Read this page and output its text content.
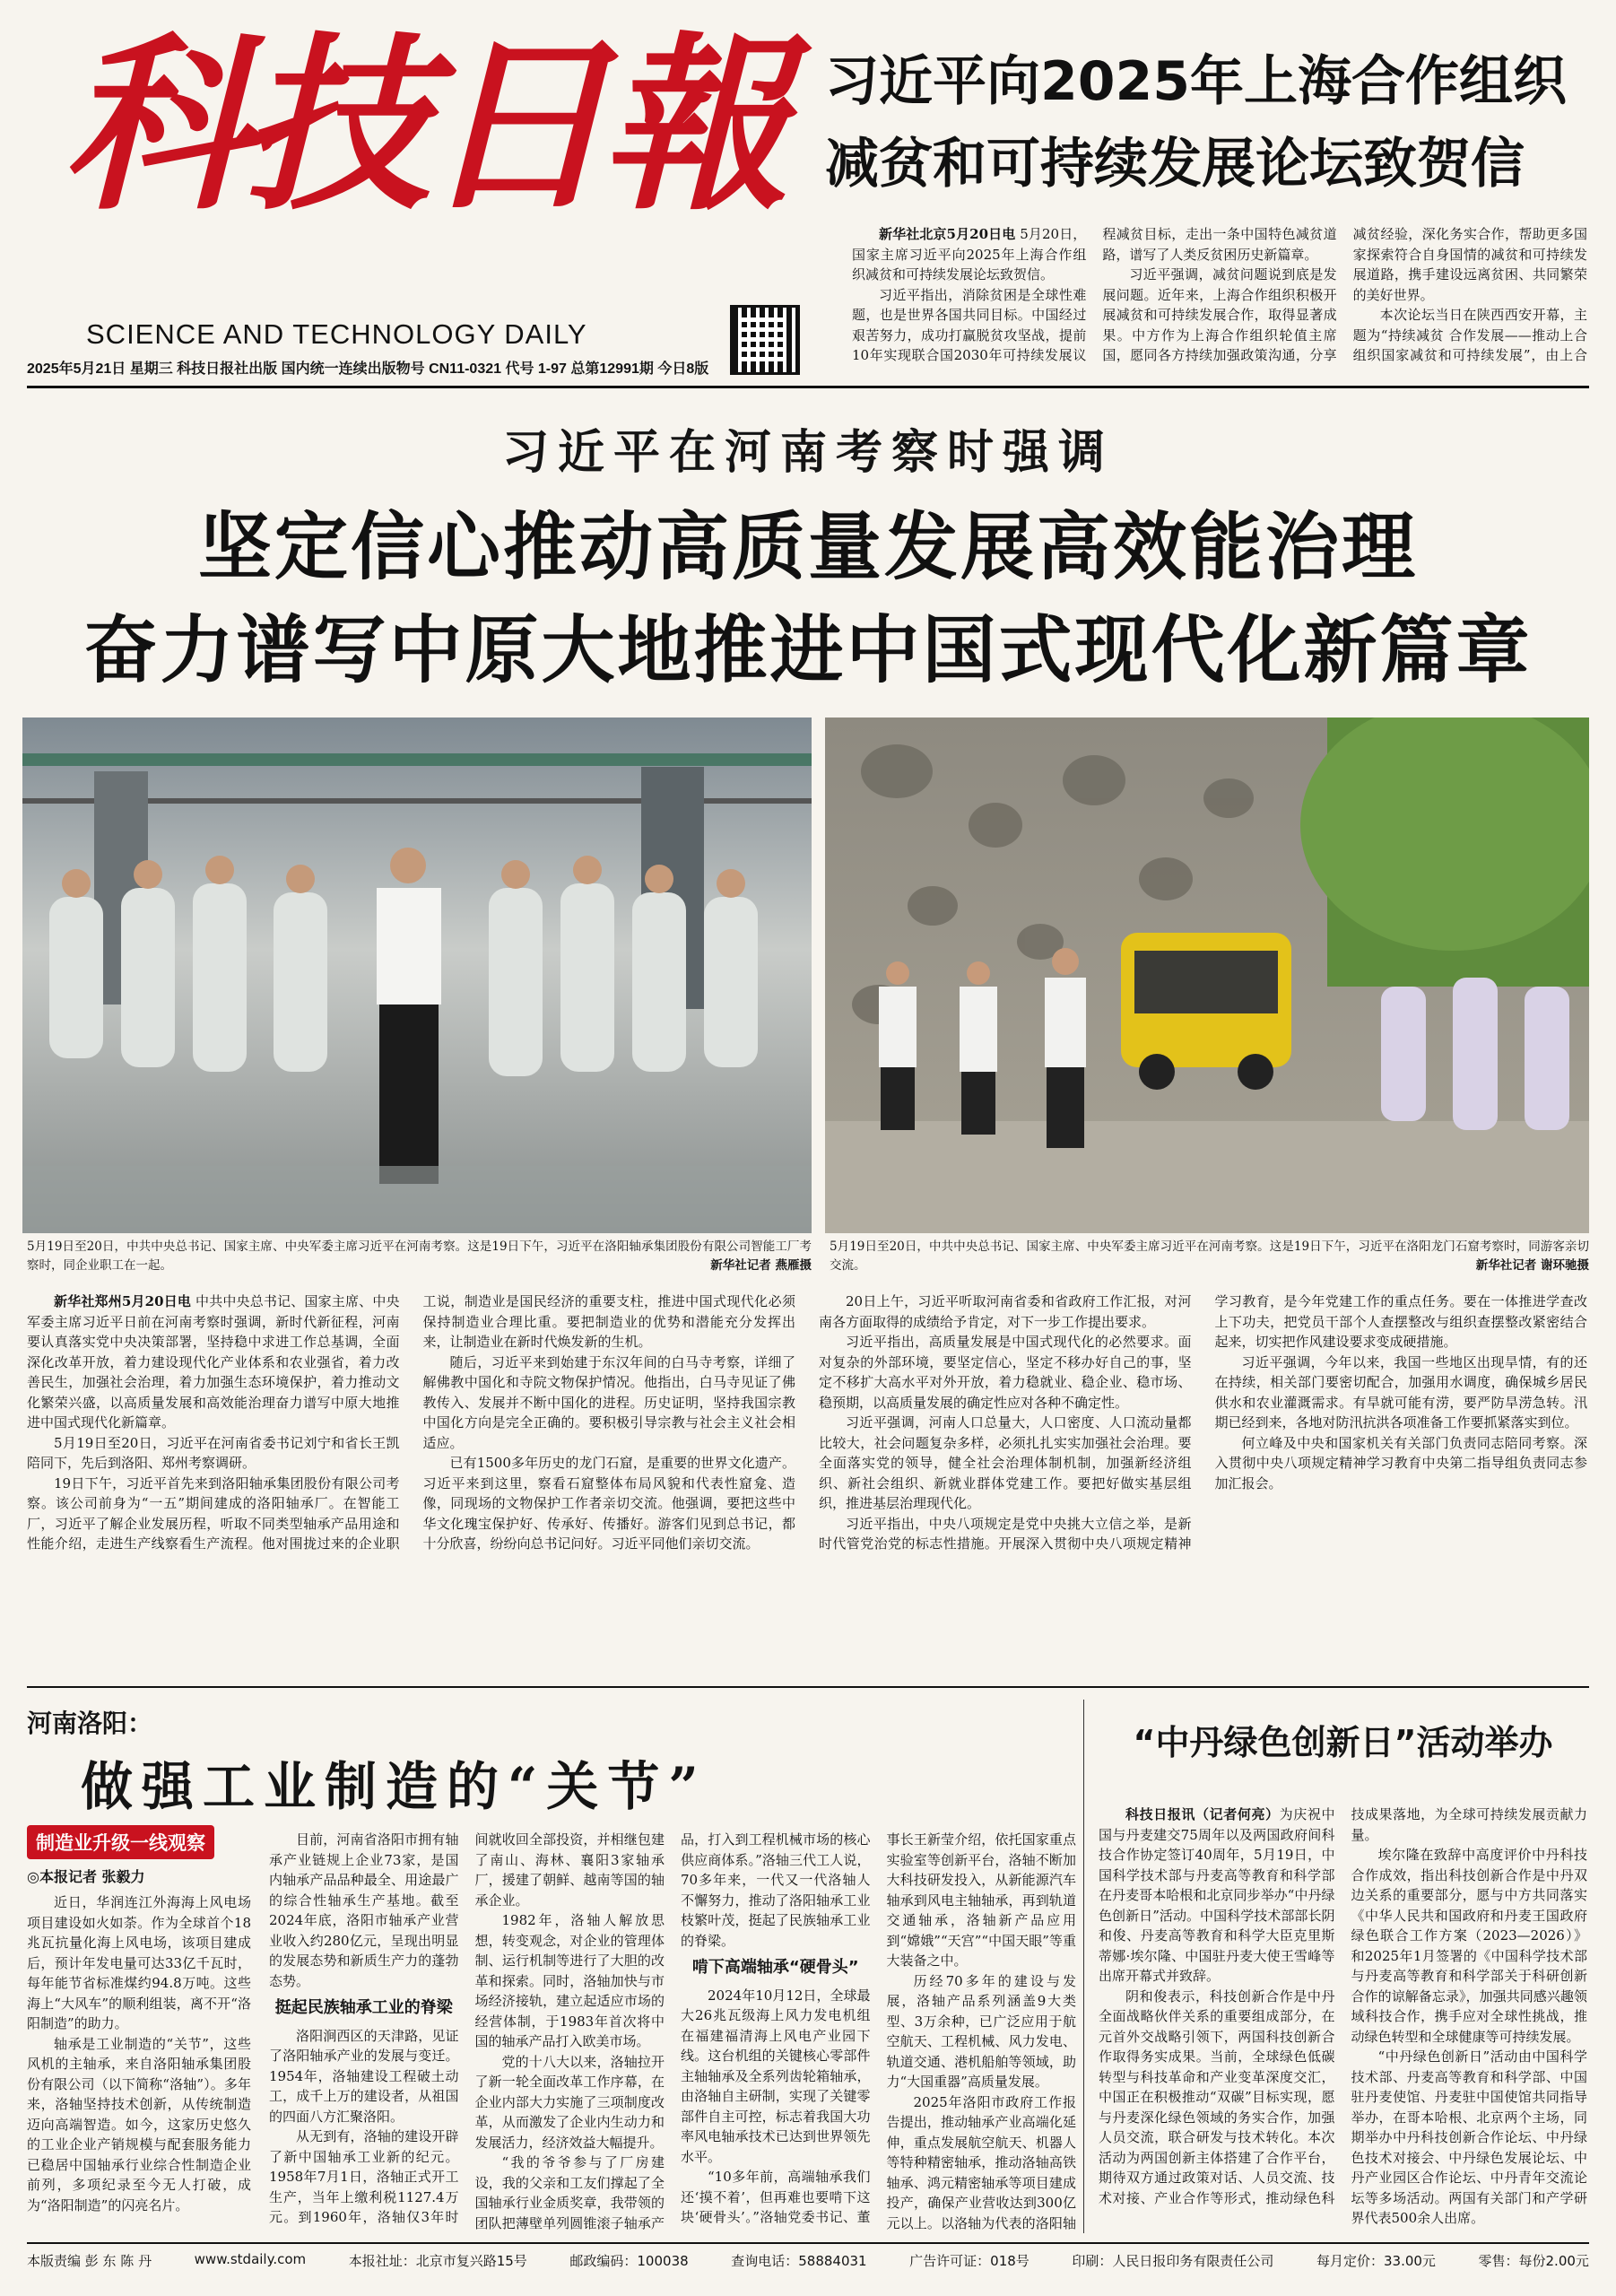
科技日報
SCIENCE AND TECHNOLOGY DAILY
2025年5月21日 星期三 科技日报社出版 国内统一连续出版物号 CN11-0321 代号 1-97 总第12991期 今日8版
习近平向2025年上海合作组织
减贫和可持续发展论坛致贺信

新华社北京5月20日电 5月20日，国家主席习近平向2025年上海合作组织减贫和可持续发展论坛致贺信。

习近平指出，消除贫困是全球性难题，也是世界各国共同目标。中国经过艰苦努力，成功打赢脱贫攻坚战，提前10年实现联合国2030年可持续发展议程减贫目标，走出一条中国特色减贫道路，谱写了人类反贫困历史新篇章。

习近平强调，减贫问题说到底是发展问题。近年来，上海合作组织积极开展减贫和可持续发展合作，取得显著成果。中方作为上海合作组织轮值主席国，愿同各方持续加强政策沟通，分享减贫经验，深化务实合作，帮助更多国家探索符合自身国情的减贫和可持续发展道路，携手建设远离贫困、共同繁荣的美好世界。

本次论坛当日在陕西西安开幕，主题为“持续减贫 合作发展——推动上合组织国家减贫和可持续发展”，由上合

习近平在河南考察时强调
坚定信心推动高质量发展高效能治理
奋力谱写中原大地推进中国式现代化新篇章
5月19日至20日，中共中央总书记、国家主席、中央军委主席习近平在河南考察。这是19日下午，习近平在洛阳轴承集团股份有限公司智能工厂考察时，同企业职工在一起。	新华社记者 燕雁摄
5月19日至20日，中共中央总书记、国家主席、中央军委主席习近平在河南考察。这是19日下午，习近平在洛阳龙门石窟考察时，同游客亲切交流。	新华社记者 谢环驰摄

新华社郑州5月20日电 中共中央总书记、国家主席、中央军委主席习近平日前在河南考察时强调，新时代新征程，河南要认真落实党中央决策部署，坚持稳中求进工作总基调，全面深化改革开放，着力建设现代化产业体系和农业强省，着力改善民生，加强社会治理，着力加强生态环境保护，着力推动文化繁荣兴盛，以高质量发展和高效能治理奋力谱写中原大地推进中国式现代化新篇章。

5月19日至20日，习近平在河南省委书记刘宁和省长王凯陪同下，先后到洛阳、郑州考察调研。

19日下午，习近平首先来到洛阳轴承集团股份有限公司考察。该公司前身为“一五”期间建成的洛阳轴承厂。在智能工厂，习近平了解企业发展历程，听取不同类型轴承产品用途和性能介绍，走进生产线察看生产流程。他对围拢过来的企业职工说，制造业是国民经济的重要支柱，推进中国式现代化必须保持制造业合理比重。要把制造业的优势和潜能充分发挥出来，让制造业在新时代焕发新的生机。

随后，习近平来到始建于东汉年间的白马寺考察，详细了解佛教中国化和寺院文物保护情况。他指出，白马寺见证了佛教传入、发展并不断中国化的进程。历史证明，坚持我国宗教中国化方向是完全正确的。要积极引导宗教与社会主义社会相适应。

已有1500多年历史的龙门石窟，是重要的世界文化遗产。习近平来到这里，察看石窟整体布局风貌和代表性窟龛、造像，同现场的文物保护工作者亲切交流。他强调，要把这些中华文化瑰宝保护好、传承好、传播好。游客们见到总书记，都十分欣喜，纷纷向总书记问好。习近平同他们亲切交流。

20日上午，习近平听取河南省委和省政府工作汇报，对河南各方面取得的成绩给予肯定，对下一步工作提出要求。

习近平指出，高质量发展是中国式现代化的必然要求。面对复杂的外部环境，要坚定信心，坚定不移办好自己的事，坚定不移扩大高水平对外开放，着力稳就业、稳企业、稳市场、稳预期，以高质量发展的确定性应对各种不确定性。

习近平强调，河南人口总量大，人口密度、人口流动量都比较大，社会问题复杂多样，必须扎扎实实加强社会治理。要全面落实党的领导，健全社会治理体制机制，加强新经济组织、新社会组织、新就业群体党建工作。要把好做实基层组织，推进基层治理现代化。

习近平指出，中央八项规定是党中央挑大立信之举，是新时代管党治党的标志性措施。开展深入贯彻中央八项规定精神学习教育，是今年党建工作的重点任务。要在一体推进学查改上下功夫，把党员干部个人查摆整改与组织查摆整改紧密结合起来，切实把作风建设要求变成硬措施。

习近平强调，今年以来，我国一些地区出现旱情，有的还在持续，相关部门要密切配合，加强用水调度，确保城乡居民供水和农业灌溉需求。有旱就可能有涝，要严防旱涝急转。汛期已经到来，各地对防汛抗洪各项准备工作要抓紧落实到位。

何立峰及中央和国家机关有关部门负责同志陪同考察。深入贯彻中央八项规定精神学习教育中央第二指导组负责同志参加汇报会。

河南洛阳：
做强工业制造的“关节”
制造业升级一线观察
◎本报记者 张毅力

目前，河南省洛阳市拥有轴承产业链规上企业73家，是国内轴承产品品种最全、用途最广的综合性轴承生产基地。截至2024年底，洛阳市轴承产业营业收入约280亿元，呈现出明显的发展态势和新质生产力的蓬勃态势。

挺起民族轴承工业的脊梁

洛阳涧西区的天津路，见证了洛阳轴承产业的发展与变迁。1954年，洛轴建设工程破土动工，成千上万的建设者，从祖国的四面八方汇聚洛阳。

从无到有，洛轴的建设开辟了新中国轴承工业新的纪元。1958年7月1日，洛轴正式开工生产，当年上缴利税1127.4万元。到1960年，洛轴仅3年时间就收回全部投资，并相继包建了南山、海林、襄阳3家轴承厂，援建了朝鲜、越南等国的轴承企业。

1982年，洛轴人解放思想，转变观念，对企业的管理体制、运行机制等进行了大胆的改革和探索。同时，洛轴加快与市场经济接轨，建立起适应市场的经营体制，于1983年首次将中国的轴承产品打入欧美市场。

党的十八大以来，洛轴拉开了新一轮全面改革工作序幕，在企业内部大力实施了三项制度改革，从而激发了企业内生动力和发展活力，经济效益大幅提升。

“我的爷爷参与了厂房建设，我的父亲和工友们撑起了全国轴承行业金质奖章，我带领的团队把薄壁单列圆锥滚子轴承产品，打入到工程机械市场的核心供应商体系。”洛轴三代工人说，70多年来，一代又一代洛轴人不懈努力，推动了洛阳轴承工业枝繁叶茂，挺起了民族轴承工业的脊梁。

啃下高端轴承“硬骨头”

2024年10月12日，全球最大26兆瓦级海上风力发电机组在福建福清海上风电产业园下线。这台机组的关键核心零部件主轴轴承及全系列齿轮箱轴承，由洛轴自主研制，实现了关键零部件自主可控，标志着我国大功率风电轴承技术已达到世界领先水平。

“10多年前，高端轴承我们还‘摸不着’，但再难也要啃下这块‘硬骨头’。”洛轴党委书记、董事长王新莹介绍，依托国家重点实验室等创新平台，洛轴不断加大科技研发投入，从新能源汽车轴承到风电主轴轴承，再到轨道交通轴承，洛轴新产品应用到“嫦娥”“天宫”“中国天眼”等重大装备之中。

历经70多年的建设与发展，洛轴产品系列涵盖9大类型、3万余种，已广泛应用于航空航天、工程机械、风力发电、轨道交通、港机船舶等领域，助力“大国重器”高质量发展。

2025年洛阳市政府工作报告提出，推动轴承产业高端化延伸，重点发展航空航天、机器人等特种精密轴承，推动洛轴高铁轴承、鸿元精密轴承等项目建成投产，确保产业营收达到300亿元以上。以洛轴为代表的洛阳轴

近日，华润连江外海海上风电场项目建设如火如荼。作为全球首个18兆瓦抗量化海上风电场，该项目建成后，预计年发电量可达33亿千瓦时，每年能节省标准煤约94.8万吨。这些海上“大风车”的顺利组装，离不开“洛阳制造”的助力。

轴承是工业制造的“关节”，这些风机的主轴承，来自洛阳轴承集团股份有限公司（以下简称“洛轴”）。多年来，洛轴坚持技术创新，从传统制造迈向高端智造。如今，这家历史悠久的工业企业产销规模与配套服务能力已稳居中国轴承行业综合性制造企业前列，多项纪录至今无人打破，成为“洛阳制造”的闪亮名片。

“中丹绿色创新日”活动举办

科技日报讯（记者何亮）为庆祝中国与丹麦建交75周年以及两国政府间科技合作协定签订40周年，5月19日，中国科学技术部与丹麦高等教育和科学部在丹麦哥本哈根和北京同步举办“中丹绿色创新日”活动。中国科学技术部部长阴和俊、丹麦高等教育和科学大臣克里斯蒂娜·埃尔隆、中国驻丹麦大使王雪峰等出席开幕式并致辞。

阴和俊表示，科技创新合作是中丹全面战略伙伴关系的重要组成部分，在元首外交战略引领下，两国科技创新合作取得务实成果。当前，全球绿色低碳转型与科技革命和产业变革深度交汇，中国正在积极推动“双碳”目标实现，愿与丹麦深化绿色领域的务实合作，加强人员交流，联合研发与技术转化。本次活动为两国创新主体搭建了合作平台，期待双方通过政策对话、人员交流、技术对接、产业合作等形式，推动绿色科技成果落地，为全球可持续发展贡献力量。

埃尔隆在致辞中高度评价中丹科技合作成效，指出科技创新合作是中丹双边关系的重要部分，愿与中方共同落实《中华人民共和国政府和丹麦王国政府绿色联合工作方案（2023—2026）》和2025年1月签署的《中国科学技术部与丹麦高等教育和科学部关于科研创新合作的谅解备忘录》，加强共同感兴趣领域科技合作，携手应对全球性挑战，推动绿色转型和全球健康等可持续发展。

“中丹绿色创新日”活动由中国科学技术部、丹麦高等教育和科学部、中国驻丹麦使馆、丹麦驻中国使馆共同指导举办，在哥本哈根、北京两个主场，同期举办中丹科技创新合作论坛、中丹绿色技术对接会、中丹绿色发展论坛、中丹产业园区合作论坛、中丹青年交流论坛等多场活动。两国有关部门和产学研界代表500余人出席。

本版责编 彭 东 陈 丹	www.stdaily.com	本报社址：北京市复兴路15号	邮政编码：100038	查询电话：58884031	广告许可证：018号	印刷：人民日报印务有限责任公司	每月定价：33.00元	零售：每份2.00元
